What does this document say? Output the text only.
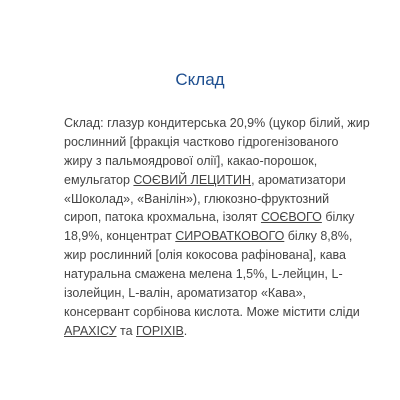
Склад

Склад: глазур кондитерська 20,9% (цукор білий, жир
рослинний [фракція частково гідрогенізованого
жиру з пальмоядрової олії], какао-порошок,
емульгатор СОЄВИЙ ЛЕЦИТИН, ароматизатори
«Шоколад», «Ванілін»), глюкозно-фруктозний
сироп, патока крохмальна, ізолят СОЄВОГО білку
18,9%, концентрат СИРОВАТКОВОГО білку 8,8%,
жир рослинний [олія кокосова рафінована], кава
натуральна смажена мелена 1,5%, L-лейцин, L-
ізолейцин, L-валін, ароматизатор «Кава»,
консервант сорбінова кислота. Може містити сліди
АРАХІСУ та ГОРІХІВ.
